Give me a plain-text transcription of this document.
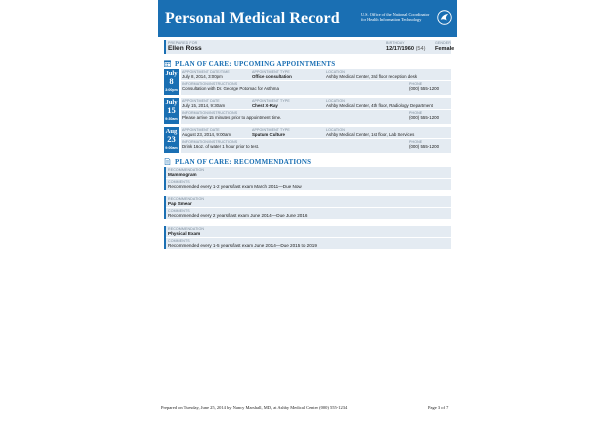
Personal Medical Record	U.S. Office of the National Coordinator for Health Information Technology
PREPARED FOR
Ellen Ross
BIRTHDAY
12/17/1960 (54)
GENDER
Female
PLAN OF CARE: UPCOMING APPOINTMENTS
July
8
3:00pm
APPOINTMENT DATE/TIME
July 8, 2014, 3:00pm
APPOINTMENT TYPE
Office consultation
LOCATION
Ashby Medical Center, 3rd floor reception desk
INFORMATION/INSTRUCTIONS
Consultation with Dr. George Potomac for Asthma
PHONE
(000) 555-1200
July
15
9:30am
APPOINTMENT DATE
July 15, 2014, 9:30am
APPOINTMENT TYPE
Chest X-Ray
LOCATION
Ashby Medical Center, 4th floor, Radiology Department
INFORMATION/INSTRUCTIONS
Please arrive 15 minutes prior to appointment time.
PHONE
(000) 555-1200
Aug
23
9:00am
APPOINTMENT DATE
August 23, 2014, 9:00am
APPOINTMENT TYPE
Sputum Culture
LOCATION
Ashby Medical Center, 1st floor, Lab Services
INFORMATION/INSTRUCTIONS
Drink 16oz. of water 1 hour prior to test.
PHONE
(000) 555-1200
PLAN OF CARE: RECOMMENDATIONS
RECOMMENDATION
Mammogram
COMMENTS
Recommended every 1-2 years/last exam March 2011—Due Now
RECOMMENDATION
Pap Smear
COMMENTS
Recommended every 2 years/last exam June 2014—Due June 2016
RECOMMENDATION
Physical Exam
COMMENTS
Recommended every 1-5 years/last exam June 2014—Due 2015 to 2019
Prepared on Tuesday, June 25, 2014 by Nancy Marshall, MD, at Ashby Medical Center (000) 555-1234	Page 3 of 7
